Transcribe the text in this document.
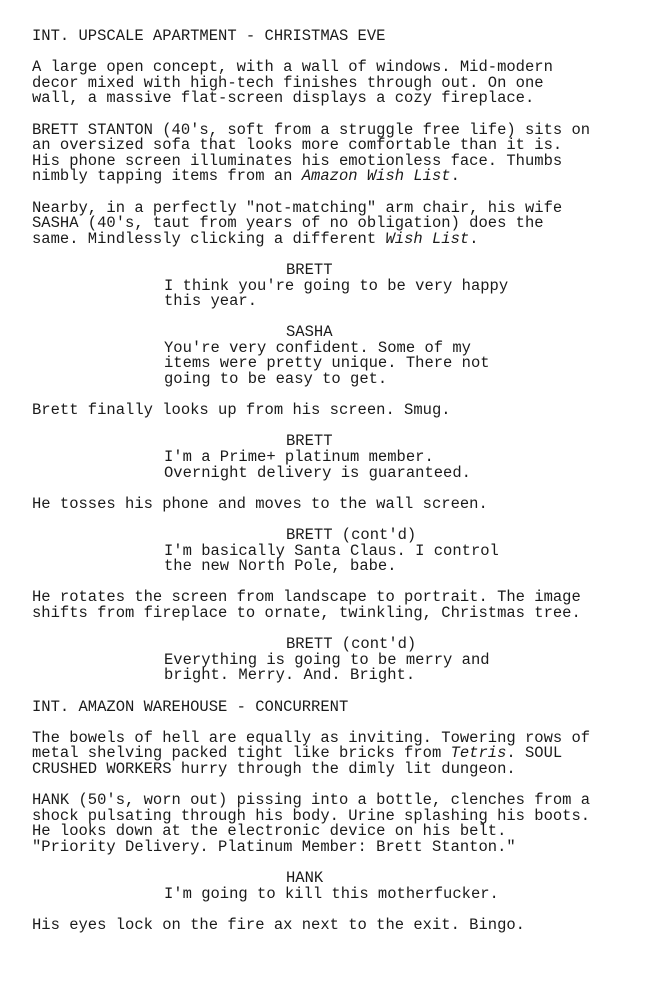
INT. UPSCALE APARTMENT - CHRISTMAS EVE
A large open concept, with a wall of windows. Mid-modern
decor mixed with high-tech finishes through out. On one
wall, a massive flat-screen displays a cozy fireplace.
BRETT STANTON (40's, soft from a struggle free life) sits on
an oversized sofa that looks more comfortable than it is.
His phone screen illuminates his emotionless face. Thumbs
nimbly tapping items from an Amazon Wish List.
Nearby, in a perfectly "not-matching" arm chair, his wife
SASHA (40's, taut from years of no obligation) does the
same. Mindlessly clicking a different Wish List.
BRETT
I think you're going to be very happy
this year.
SASHA
You're very confident. Some of my
items were pretty unique. There not
going to be easy to get.
Brett finally looks up from his screen. Smug.
BRETT
I'm a Prime+ platinum member.
Overnight delivery is guaranteed.
He tosses his phone and moves to the wall screen.
BRETT (cont'd)
I'm basically Santa Claus. I control
the new North Pole, babe.
He rotates the screen from landscape to portrait. The image
shifts from fireplace to ornate, twinkling, Christmas tree.
BRETT (cont'd)
Everything is going to be merry and
bright. Merry. And. Bright.
INT. AMAZON WAREHOUSE - CONCURRENT
The bowels of hell are equally as inviting. Towering rows of
metal shelving packed tight like bricks from Tetris. SOUL
CRUSHED WORKERS hurry through the dimly lit dungeon.
HANK (50's, worn out) pissing into a bottle, clenches from a
shock pulsating through his body. Urine splashing his boots.
He looks down at the electronic device on his belt.
"Priority Delivery. Platinum Member: Brett Stanton."
HANK
I'm going to kill this motherfucker.
His eyes lock on the fire ax next to the exit. Bingo.
